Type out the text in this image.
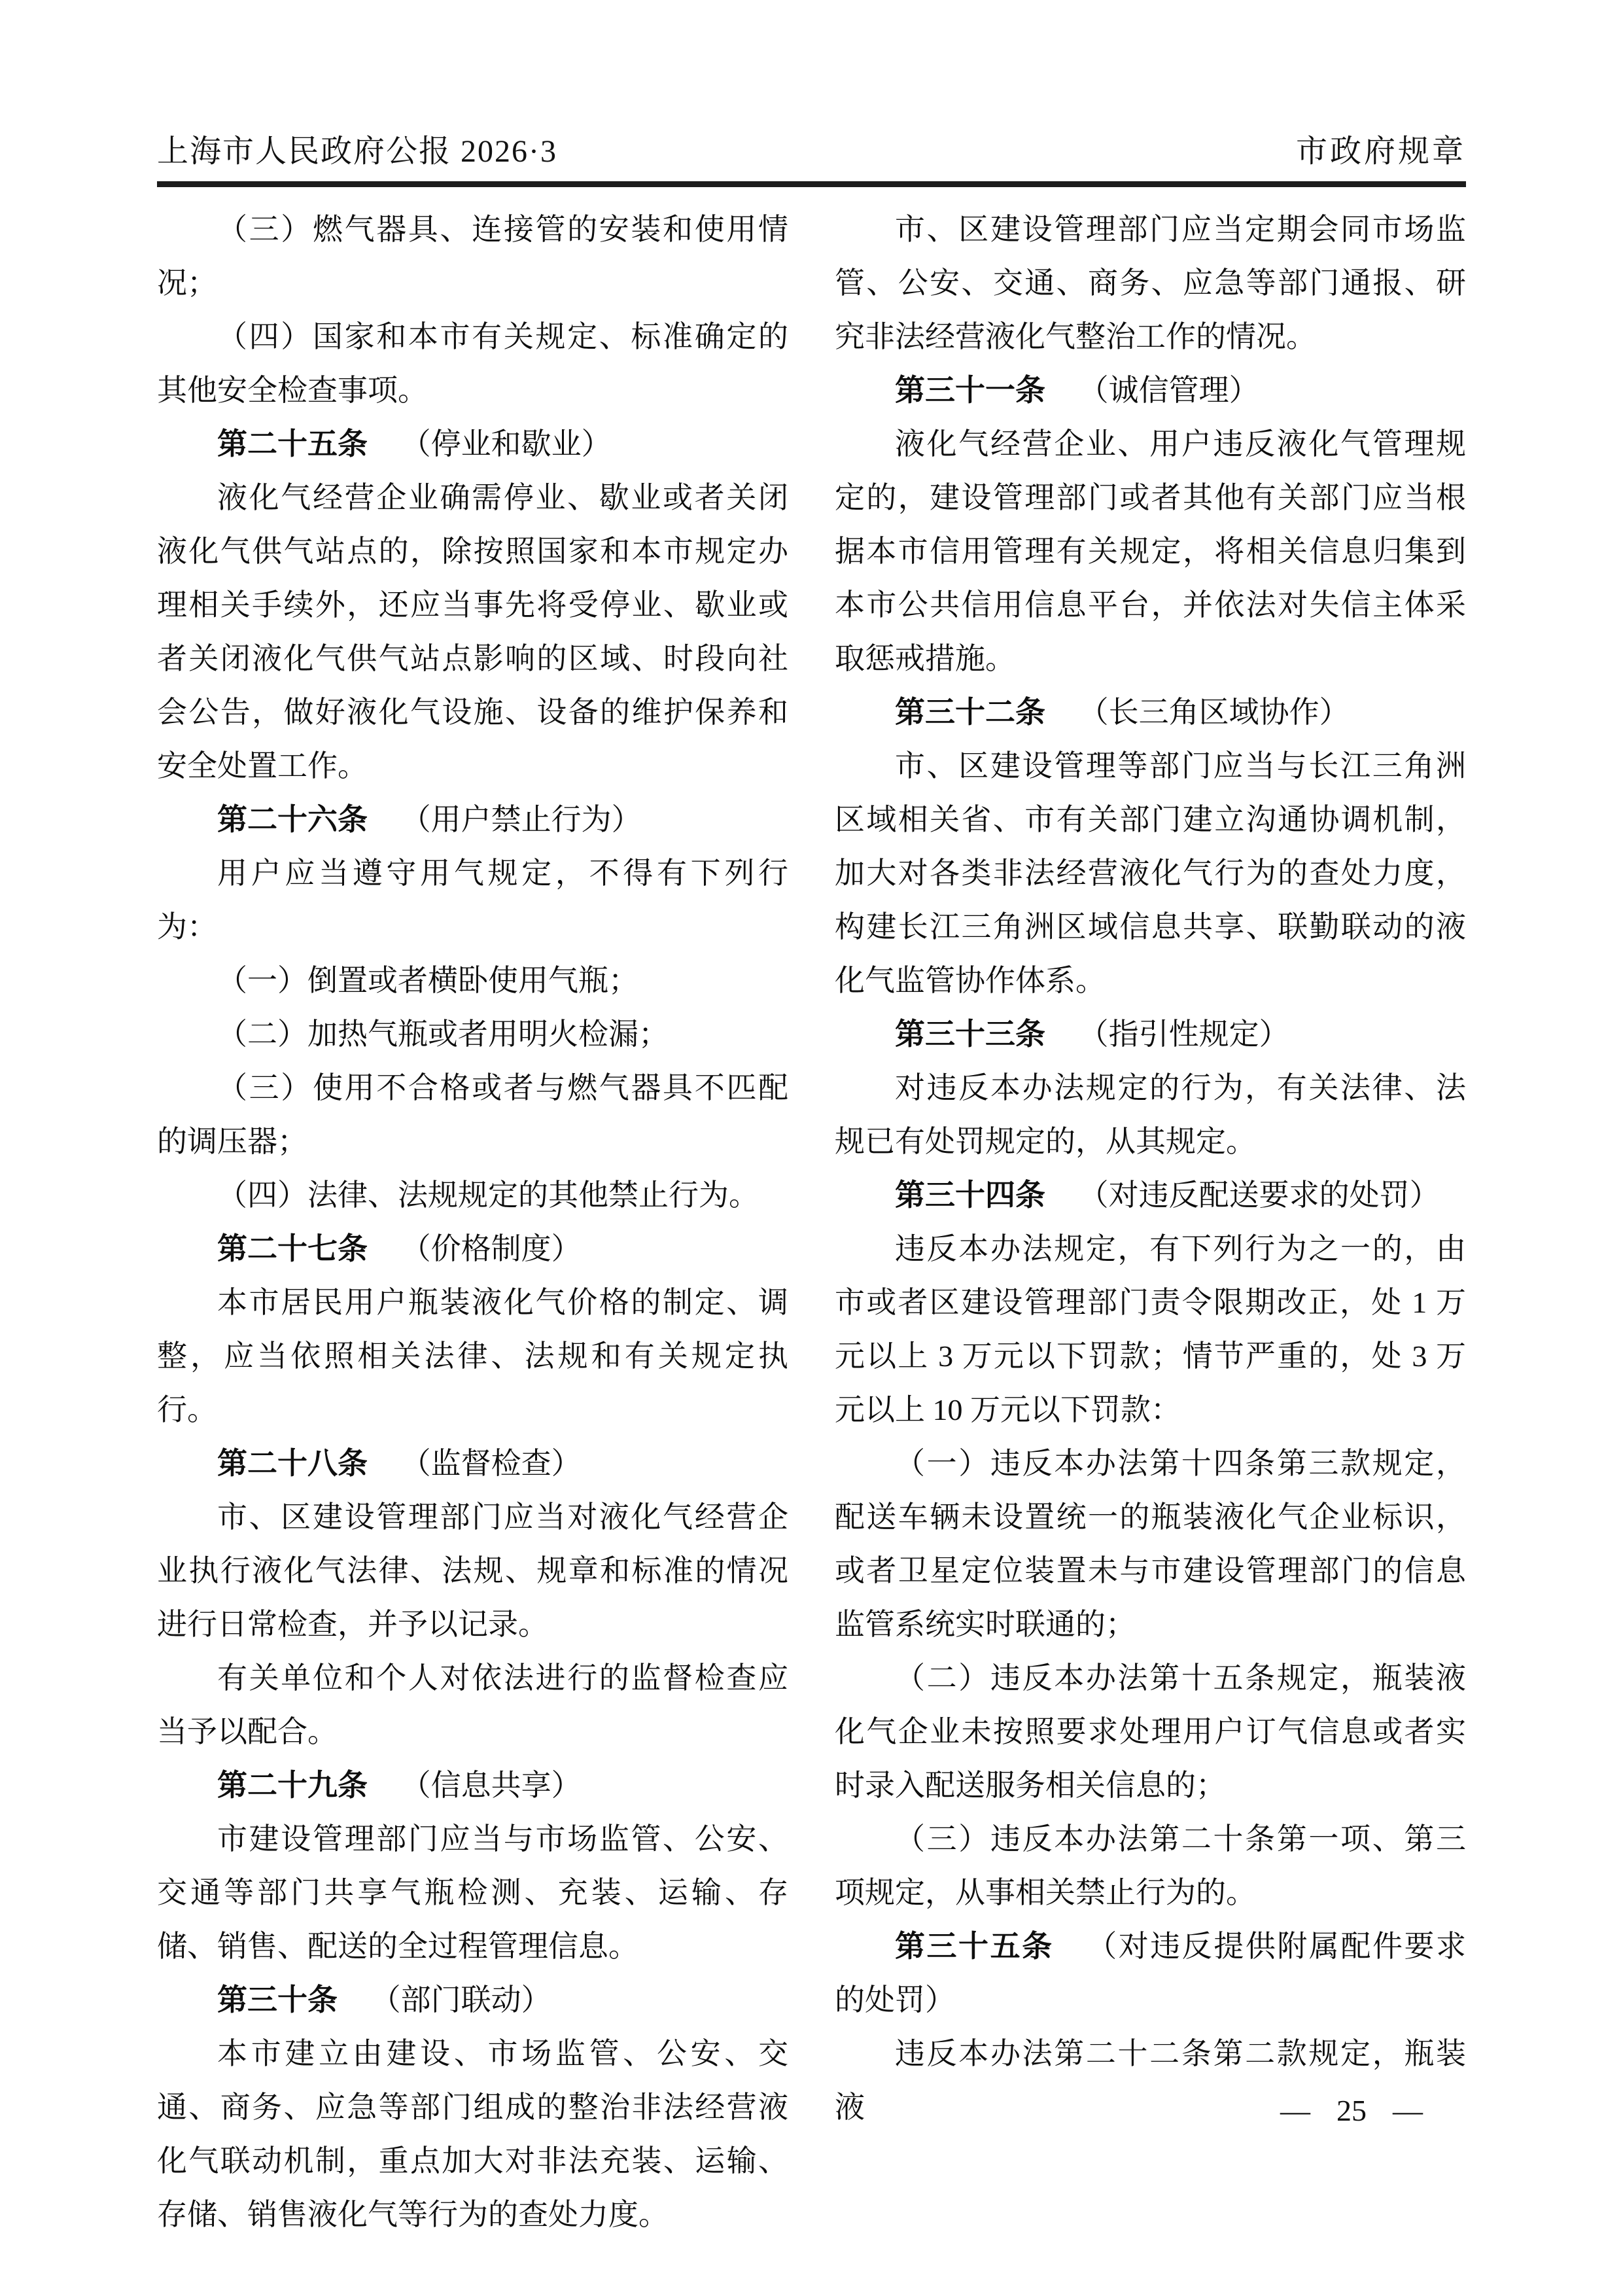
上海市人民政府公报 2026·3	市政府规章

（三）燃气器具、连接管的安装和使用情况；

（四）国家和本市有关规定、标准确定的其他安全检查事项。

第二十五条 （停业和歇业）

液化气经营企业确需停业、歇业或者关闭液化气供气站点的，除按照国家和本市规定办理相关手续外，还应当事先将受停业、歇业或者关闭液化气供气站点影响的区域、时段向社会公告，做好液化气设施、设备的维护保养和安全处置工作。

第二十六条 （用户禁止行为）

用户应当遵守用气规定，不得有下列行为：

（一）倒置或者横卧使用气瓶；

（二）加热气瓶或者用明火检漏；

（三）使用不合格或者与燃气器具不匹配的调压器；

（四）法律、法规规定的其他禁止行为。

第二十七条 （价格制度）

本市居民用户瓶装液化气价格的制定、调整，应当依照相关法律、法规和有关规定执行。

第二十八条 （监督检查）

市、区建设管理部门应当对液化气经营企业执行液化气法律、法规、规章和标准的情况进行日常检查，并予以记录。

有关单位和个人对依法进行的监督检查应当予以配合。

第二十九条 （信息共享）

市建设管理部门应当与市场监管、公安、交通等部门共享气瓶检测、充装、运输、存储、销售、配送的全过程管理信息。

第三十条 （部门联动）

本市建立由建设、市场监管、公安、交通、商务、应急等部门组成的整治非法经营液化气联动机制，重点加大对非法充装、运输、存储、销售液化气等行为的查处力度。

市、区建设管理部门应当定期会同市场监管、公安、交通、商务、应急等部门通报、研究非法经营液化气整治工作的情况。

第三十一条 （诚信管理）

液化气经营企业、用户违反液化气管理规定的，建设管理部门或者其他有关部门应当根据本市信用管理有关规定，将相关信息归集到本市公共信用信息平台，并依法对失信主体采取惩戒措施。

第三十二条 （长三角区域协作）

市、区建设管理等部门应当与长江三角洲区域相关省、市有关部门建立沟通协调机制，加大对各类非法经营液化气行为的查处力度，构建长江三角洲区域信息共享、联勤联动的液化气监管协作体系。

第三十三条 （指引性规定）

对违反本办法规定的行为，有关法律、法规已有处罚规定的，从其规定。

第三十四条 （对违反配送要求的处罚）

违反本办法规定，有下列行为之一的，由市或者区建设管理部门责令限期改正，处 1 万元以上 3 万元以下罚款；情节严重的，处 3 万元以上 10 万元以下罚款：

（一）违反本办法第十四条第三款规定，配送车辆未设置统一的瓶装液化气企业标识，或者卫星定位装置未与市建设管理部门的信息监管系统实时联通的；

（二）违反本办法第十五条规定，瓶装液化气企业未按照要求处理用户订气信息或者实时录入配送服务相关信息的；

（三）违反本办法第二十条第一项、第三项规定，从事相关禁止行为的。

第三十五条 （对违反提供附属配件要求的处罚）

违反本办法第二十二条第二款规定，瓶装液	— 25 —
